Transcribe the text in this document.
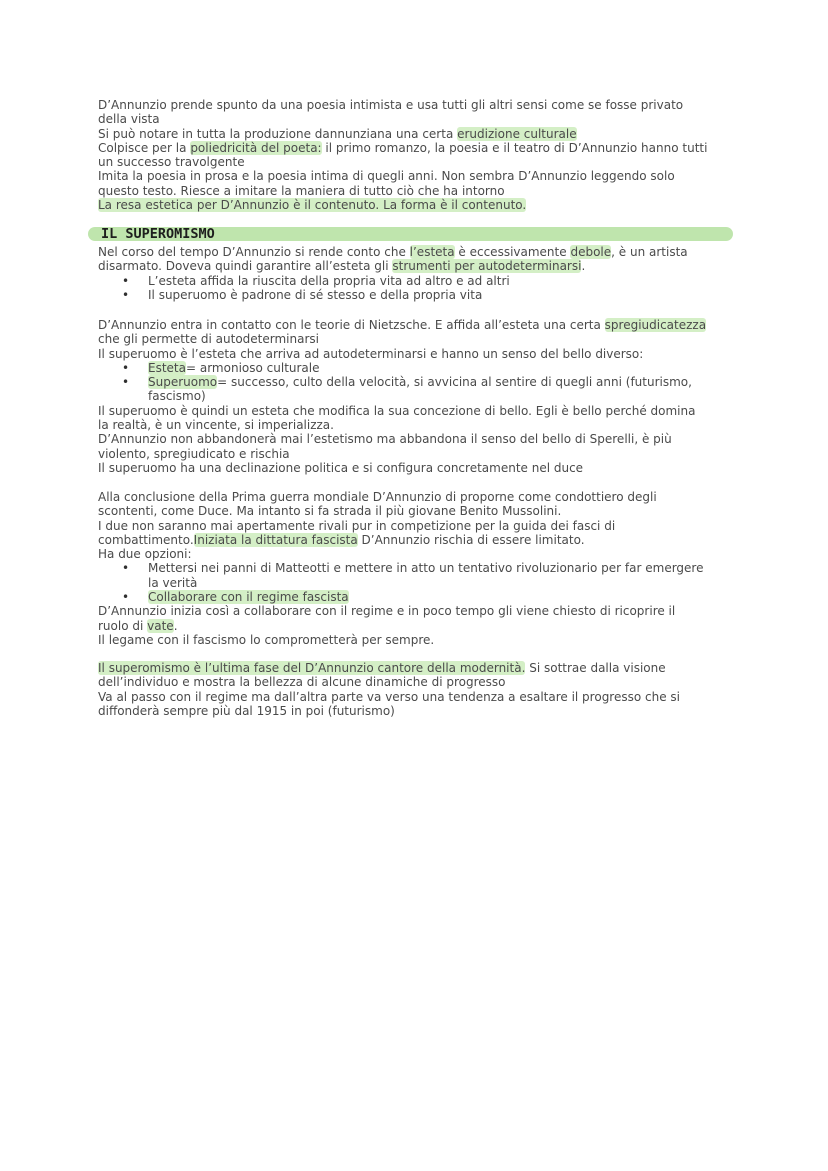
D’Annunzio prende spunto da una poesia intimista e usa tutti gli altri sensi come se fosse privato
della vista
Si può notare in tutta la produzione dannunziana una certa erudizione culturale
Colpisce per la poliedricità del poeta: il primo romanzo, la poesia e il teatro di D’Annunzio hanno tutti
un successo travolgente
Imita la poesia in prosa e la poesia intima di quegli anni. Non sembra D’Annunzio leggendo solo
questo testo. Riesce a imitare la maniera di tutto ciò che ha intorno
La resa estetica per D’Annunzio è il contenuto. La forma è il contenuto.
IL SUPEROMISMO
Nel corso del tempo D’Annunzio si rende conto che l’esteta è eccessivamente debole, è un artista
disarmato. Doveva quindi garantire all’esteta gli strumenti per autodeterminarsi.
• L’esteta affida la riuscita della propria vita ad altro e ad altri
• Il superuomo è padrone di sé stesso e della propria vita
D’Annunzio entra in contatto con le teorie di Nietzsche. E affida all’esteta una certa spregiudicatezza
che gli permette di autodeterminarsi
Il superuomo è l’esteta che arriva ad autodeterminarsi e hanno un senso del bello diverso:
• Esteta= armonioso culturale
• Superuomo= successo, culto della velocità, si avvicina al sentire di quegli anni (futurismo,
fascismo)
Il superuomo è quindi un esteta che modifica la sua concezione di bello. Egli è bello perché domina
la realtà, è un vincente, si imperializza.
D’Annunzio non abbandonerà mai l’estetismo ma abbandona il senso del bello di Sperelli, è più
violento, spregiudicato e rischia
Il superuomo ha una declinazione politica e si configura concretamente nel duce
Alla conclusione della Prima guerra mondiale D’Annunzio di proporne come condottiero degli
scontenti, come Duce. Ma intanto si fa strada il più giovane Benito Mussolini.
I due non saranno mai apertamente rivali pur in competizione per la guida dei fasci di
combattimento.Iniziata la dittatura fascista D’Annunzio rischia di essere limitato.
Ha due opzioni:
• Mettersi nei panni di Matteotti e mettere in atto un tentativo rivoluzionario per far emergere
la verità
• Collaborare con il regime fascista
D’Annunzio inizia così a collaborare con il regime e in poco tempo gli viene chiesto di ricoprire il
ruolo di vate.
Il legame con il fascismo lo comprometterà per sempre.
Il superomismo è l’ultima fase del D’Annunzio cantore della modernità. Si sottrae dalla visione
dell’individuo e mostra la bellezza di alcune dinamiche di progresso
Va al passo con il regime ma dall’altra parte va verso una tendenza a esaltare il progresso che si
diffonderà sempre più dal 1915 in poi (futurismo)
